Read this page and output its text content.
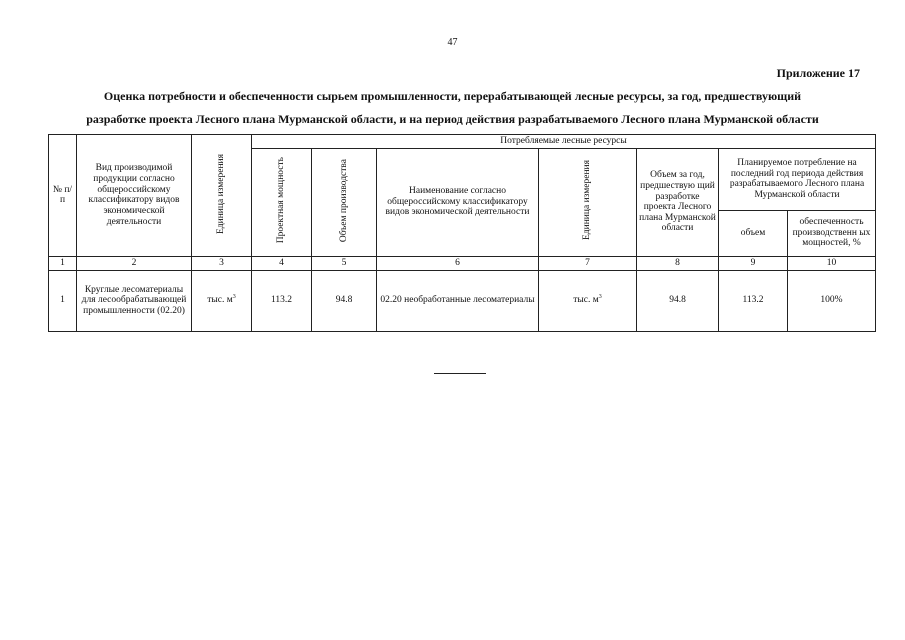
47
Приложение 17
Оценка потребности и обеспеченности сырьем промышленности, перерабатывающей лесные ресурсы, за год, предшествующий
разработке проекта Лесного плана Мурманской области, и на период действия разрабатываемого Лесного плана Мурманской области
№ п/п	Вид производимой продукции согласно общероссийскому классификатору видов экономической деятельности	Единица измерения	Потребляемые лесные ресурсы						
			Проектная мощность	Объем производства	Наименование согласно общероссийскому классификатору видов экономической деятельности	Единица измерения	Объем за год, предшествую щий разработке проекта Лесного плана Мурманской области	Планируемое потребление на последний год периода действия разрабатываемого Лесного плана Мурманской области	
								объем	обеспеченность производственн ых мощностей, %
1	2	3	4	5	6	7	8	9	10
1	Круглые лесоматериалы для лесообрабатывающей промышленности (02.20)	тыс. $м^3$	113.2	94.8	02.20 необработанные лесоматериалы	тыс. $м^3$	94.8	113.2	100%
